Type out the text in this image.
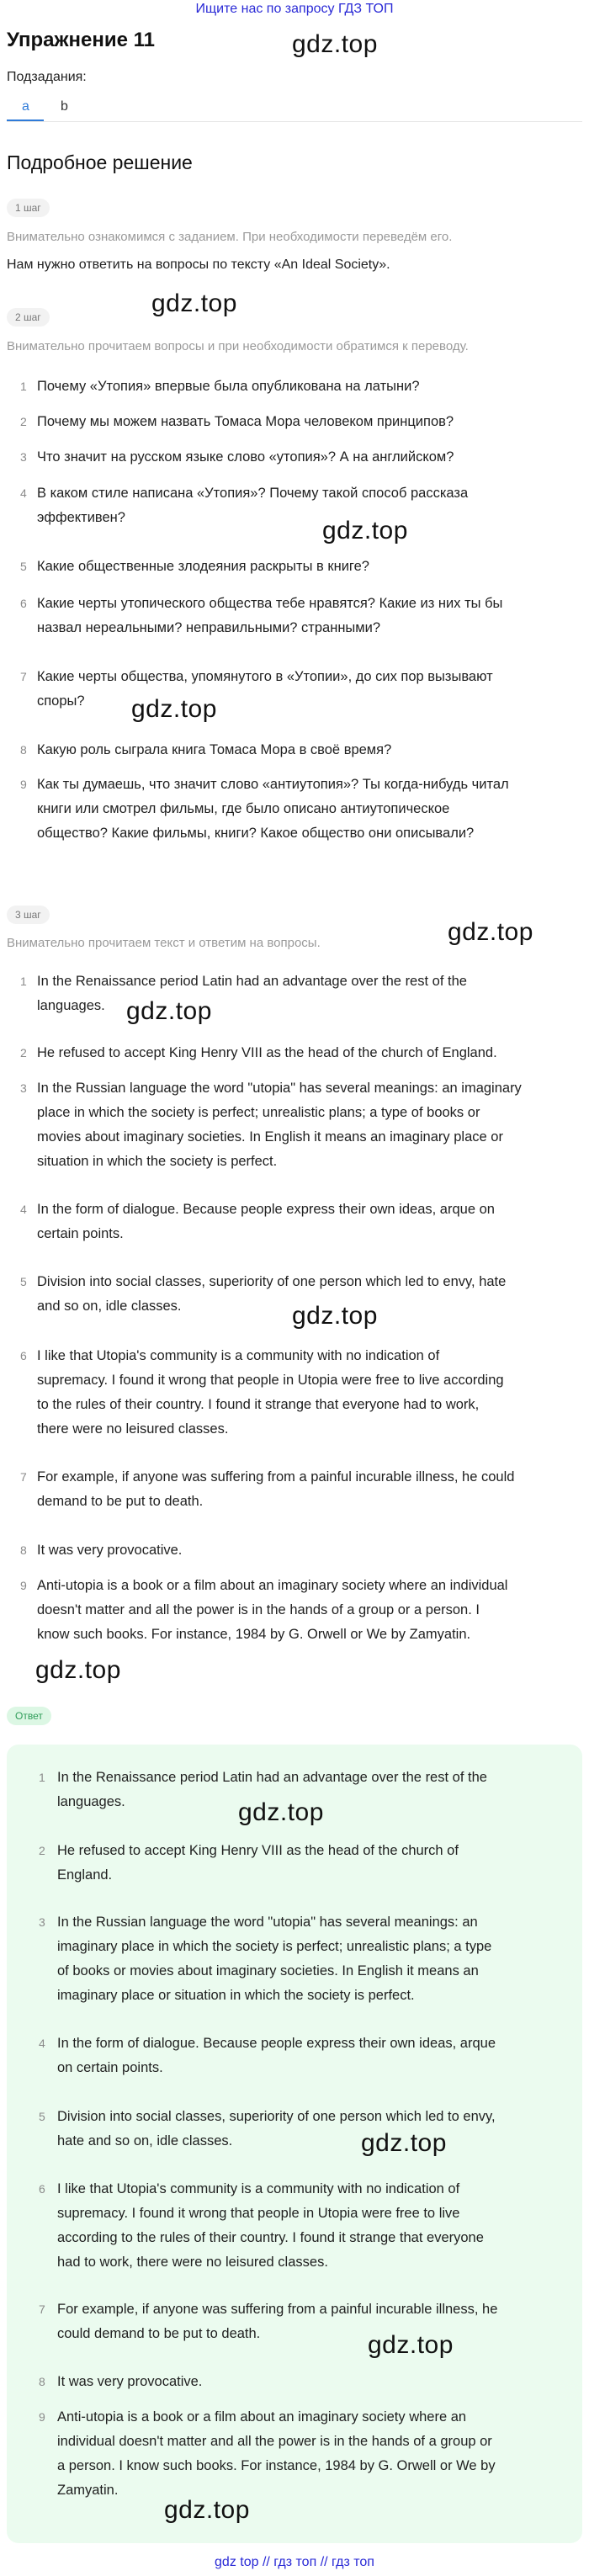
Ищите нас по запросу ГДЗ ТОП
Упражнение 11
Подзадания:
a b
Подробное решение
1 шаг
Внимательно ознакомимся с заданием. При необходимости переведём его.
Нам нужно ответить на вопросы по тексту «An Ideal Society».
2 шаг
Внимательно прочитаем вопросы и при необходимости обратимся к переводу.
1 Почему «Утопия» впервые была опубликована на латыни?
2 Почему мы можем назвать Томаса Мора человеком принципов?
3 Что значит на русском языке слово «утопия»? А на английском?
4 В каком стиле написана «Утопия»? Почему такой способ рассказа
эффективен?
5 Какие общественные злодеяния раскрыты в книге?
6 Какие черты утопического общества тебе нравятся? Какие из них ты бы
назвал нереальными? неправильными? странными?
7 Какие черты общества, упомянутого в «Утопии», до сих пор вызывают
споры?
8 Какую роль сыграла книга Томаса Мора в своё время?
9 Как ты думаешь, что значит слово «антиутопия»? Ты когда-нибудь читал
книги или смотрел фильмы, где было описано антиутопическое
общество? Какие фильмы, книги? Какое общество они описывали?
3 шаг
Внимательно прочитаем текст и ответим на вопросы.
1 In the Renaissance period Latin had an advantage over the rest of the
languages.
2 He refused to accept King Henry VIII as the head of the church of England.
3 In the Russian language the word "utopia" has several meanings: an imaginary
place in which the society is perfect; unrealistic plans; a type of books or
movies about imaginary societies. In English it means an imaginary place or
situation in which the society is perfect.
4 In the form of dialogue. Because people express their own ideas, arque on
certain points.
5 Division into social classes, superiority of one person which led to envy, hate
and so on, idle classes.
6 I like that Utopia's community is a community with no indication of
supremacy. I found it wrong that people in Utopia were free to live according
to the rules of their country. I found it strange that everyone had to work,
there were no leisured classes.
7 For example, if anyone was suffering from a painful incurable illness, he could
demand to be put to death.
8 It was very provocative.
9 Anti-utopia is a book or a film about an imaginary society where an individual
doesn't matter and all the power is in the hands of a group or a person. I
know such books. For instance, 1984 by G. Orwell or We by Zamyatin.
Ответ
1 In the Renaissance period Latin had an advantage over the rest of the
languages.
2 He refused to accept King Henry VIII as the head of the church of
England.
3 In the Russian language the word "utopia" has several meanings: an
imaginary place in which the society is perfect; unrealistic plans; a type
of books or movies about imaginary societies. In English it means an
imaginary place or situation in which the society is perfect.
4 In the form of dialogue. Because people express their own ideas, arque
on certain points.
5 Division into social classes, superiority of one person which led to envy,
hate and so on, idle classes.
6 I like that Utopia's community is a community with no indication of
supremacy. I found it wrong that people in Utopia were free to live
according to the rules of their country. I found it strange that everyone
had to work, there were no leisured classes.
7 For example, if anyone was suffering from a painful incurable illness, he
could demand to be put to death.
8 It was very provocative.
9 Anti-utopia is a book or a film about an imaginary society where an
individual doesn't matter and all the power is in the hands of a group or
a person. I know such books. For instance, 1984 by G. Orwell or We by
Zamyatin.
gdz.top
gdz.top
gdz.top
gdz.top
gdz.top
gdz.top
gdz.top
gdz.top
gdz.top
gdz.top
gdz.top
gdz.top
gdz top // гдз топ // гдз топ
